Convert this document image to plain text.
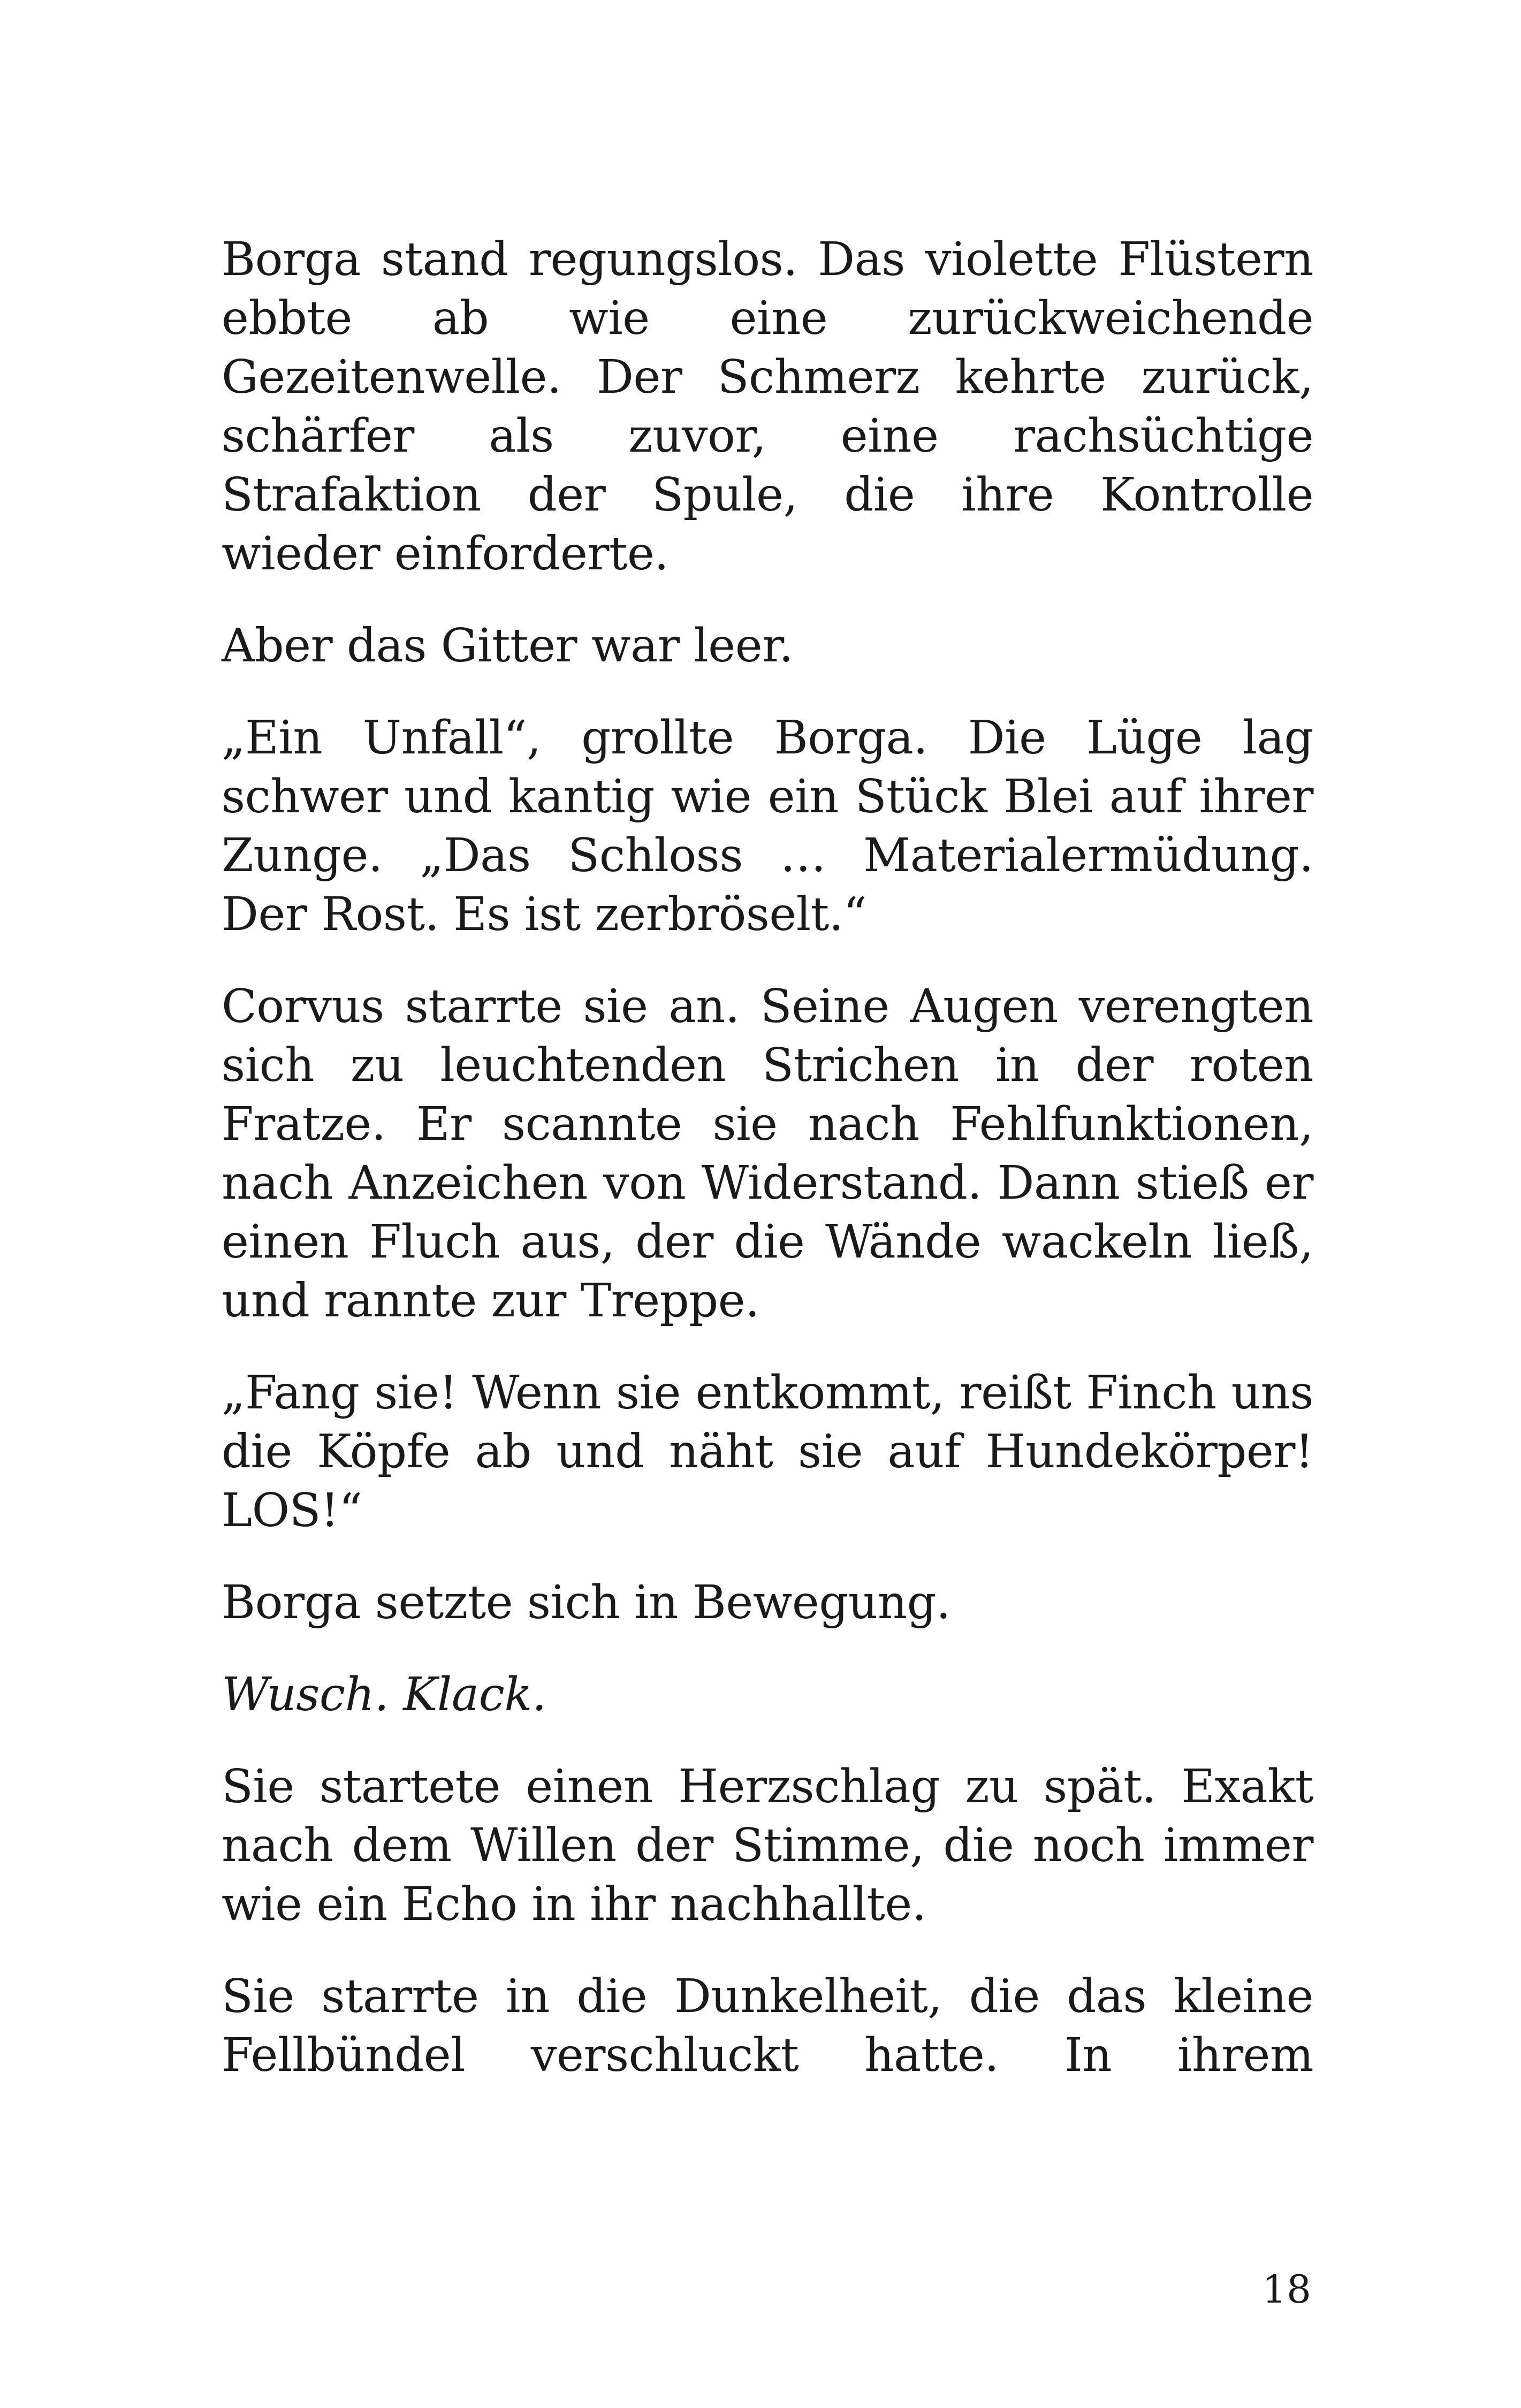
Borga stand regungslos. Das violette Flüstern ebbte ab wie eine zurückweichende Gezeitenwelle. Der Schmerz kehrte zurück, schärfer als zuvor, eine rachsüchtige Strafaktion der Spule, die ihre Kontrolle wieder einforderte.

Aber das Gitter war leer.

„Ein Unfall“, grollte Borga. Die Lüge lag schwer und kantig wie ein Stück Blei auf ihrer Zunge. „Das Schloss … Materialermüdung. Der Rost. Es ist zerbröselt.“

Corvus starrte sie an. Seine Augen verengten sich zu leuchtenden Strichen in der roten Fratze. Er scannte sie nach Fehlfunktionen, nach Anzeichen von Widerstand. Dann stieß er einen Fluch aus, der die Wände wackeln ließ, und rannte zur Treppe.

„Fang sie! Wenn sie entkommt, reißt Finch uns die Köpfe ab und näht sie auf Hundekörper! LOS!“

Borga setzte sich in Bewegung.

Wusch. Klack.

Sie startete einen Herzschlag zu spät. Exakt nach dem Willen der Stimme, die noch immer wie ein Echo in ihr nachhallte.

Sie starrte in die Dunkelheit, die das kleine Fellbündel verschluckt hatte. In ihrem

18
